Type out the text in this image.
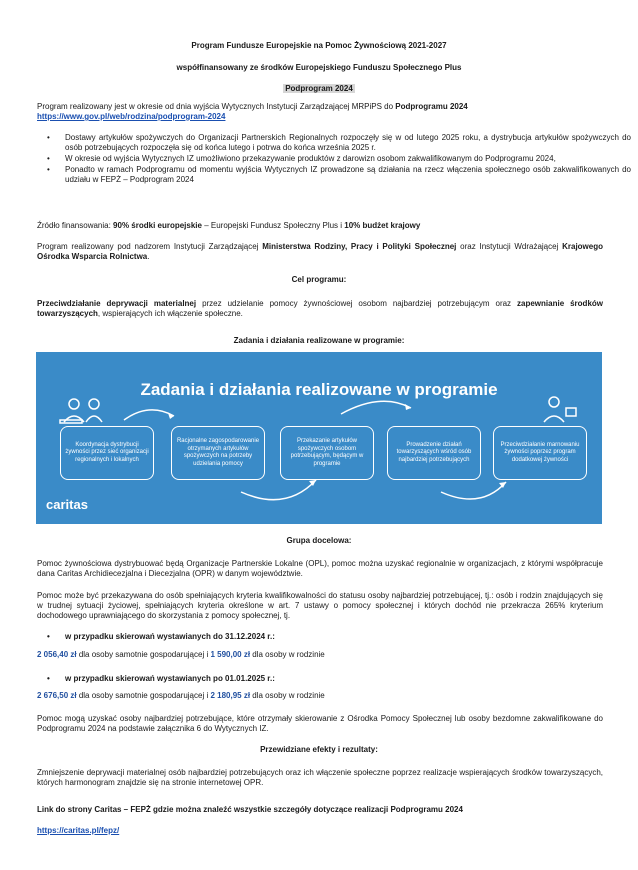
Program Fundusze Europejskie na Pomoc Żywnościową 2021-2027
współfinansowany ze środków Europejskiego Funduszu Społecznego Plus
Podprogram 2024
Program realizowany jest w okresie od dnia wyjścia Wytycznych Instytucji Zarządzającej MRPiPS do Podprogramu 2024
https://www.gov.pl/web/rodzina/podprogram-2024
• Dostawy artykułów spożywczych do Organizacji Partnerskich Regionalnych rozpoczęły się w od lutego 2025 roku, a dystrybucja artykułów spożywczych do osób potrzebujących rozpoczęła się od końca lutego i potrwa do końca września 2025 r.
• W okresie od wyjścia Wytycznych IZ umożliwiono przekazywanie produktów z darowizn osobom zakwalifikowanym do Podprogramu 2024,
• Ponadto w ramach Podprogramu od momentu wyjścia Wytycznych IZ prowadzone są działania na rzecz włączenia społecznego osób zakwalifikowanych do udziału w FEPŻ – Podprogram 2024
Źródło finansowania: 90% środki europejskie – Europejski Fundusz Społeczny Plus i 10% budżet krajowy
Program realizowany pod nadzorem Instytucji Zarządzającej Ministerstwa Rodziny, Pracy i Polityki Społecznej oraz Instytucji Wdrażającej Krajowego Ośrodka Wsparcia Rolnictwa.
Cel programu:
Przeciwdziałanie deprywacji materialnej przez udzielanie pomocy żywnościowej osobom najbardziej potrzebującym oraz zapewnianie środków towarzyszących, wspierających ich włączenie społeczne.
Zadania i działania realizowane w programie:
Zadania i działania realizowane w programie
Koordynacja dystrybucji żywności przez sieć organizacji regionalnych i lokalnych
Racjonalne zagospodarowanie otrzymanych artykułów spożywczych na potrzeby udzielania pomocy
Przekazanie artykułów spożywczych osobom potrzebującym, będącym w programie
Prowadzenie działań towarzyszących wśród osób najbardziej potrzebujących
Przeciwdziałanie marnowaniu żywności poprzez program dodatkowej żywności
caritas
Grupa docelowa:
Pomoc żywnościowa dystrybuować będą Organizacje Partnerskie Lokalne (OPL), pomoc można uzyskać regionalnie w organizacjach, z którymi współpracuje dana Caritas Archidiecezjalna i Diecezjalna (OPR) w danym województwie.
Pomoc może być przekazywana do osób spełniających kryteria kwalifikowalności do statusu osoby najbardziej potrzebującej, tj.: osób i rodzin znajdujących się w trudnej sytuacji życiowej, spełniających kryteria określone w art. 7 ustawy o pomocy społecznej i których dochód nie przekracza 265% kryterium dochodowego uprawniającego do skorzystania z pomocy społecznej, tj.
• w przypadku skierowań wystawianych do 31.12.2024 r.:
2 056,40 zł dla osoby samotnie gospodarującej i 1 590,00 zł dla osoby w rodzinie
• w przypadku skierowań wystawianych po 01.01.2025 r.:
2 676,50 zł dla osoby samotnie gospodarującej i 2 180,95 zł dla osoby w rodzinie
Pomoc mogą uzyskać osoby najbardziej potrzebujące, które otrzymały skierowanie z Ośrodka Pomocy Społecznej lub osoby bezdomne zakwalifikowane do Podprogramu 2024 na podstawie załącznika 6 do Wytycznych IZ.
Przewidziane efekty i rezultaty:
Zmniejszenie deprywacji materialnej osób najbardziej potrzebujących oraz ich włączenie społeczne poprzez realizacje wspierających środków towarzyszących, których harmonogram znajdzie się na stronie internetowej OPR.
Link do strony Caritas – FEPŻ gdzie można znaleźć wszystkie szczegóły dotyczące realizacji Podprogramu 2024
https://caritas.pl/fepz/
